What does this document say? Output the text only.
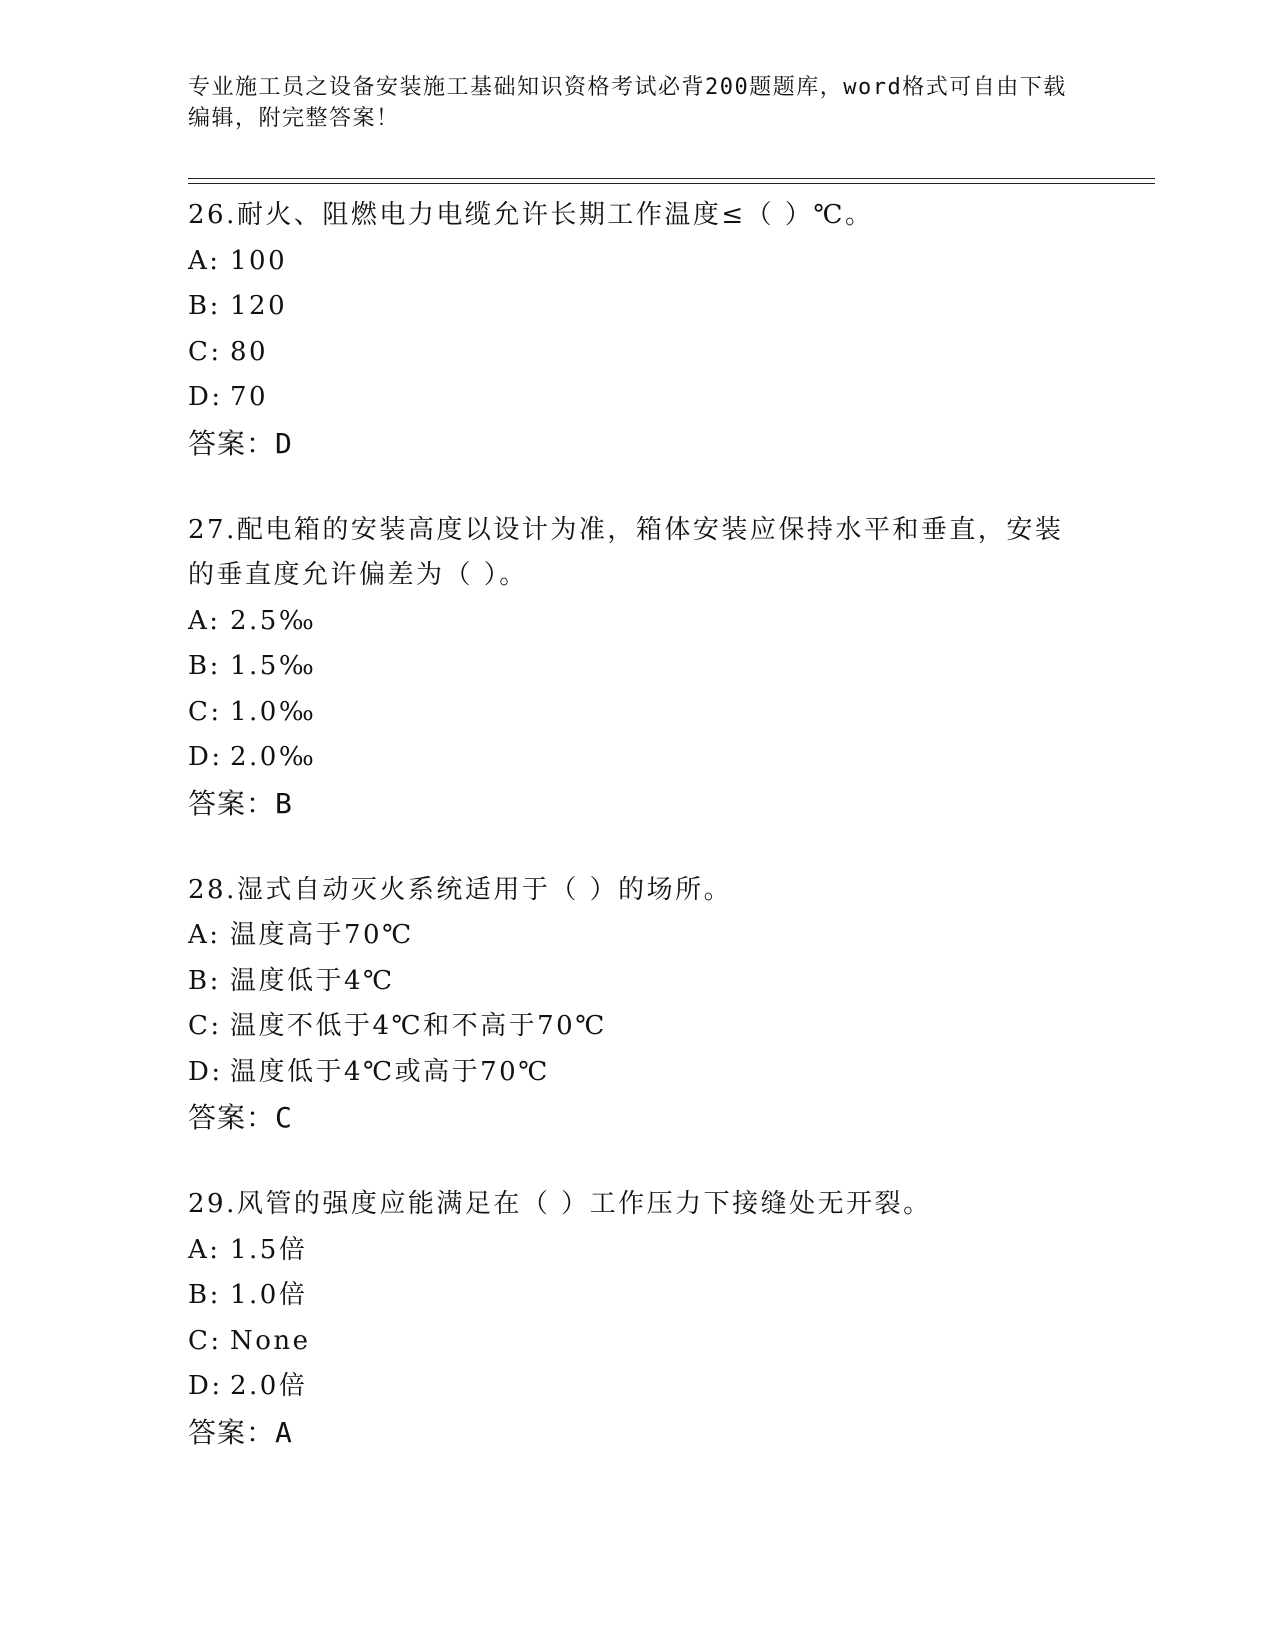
专业施工员之设备安装施工基础知识资格考试必背200题题库，word格式可自由下载编辑，附完整答案！

26.耐火、阻燃电力电缆允许长期工作温度≤（ ）℃。

A: 100

B: 120

C: 80

D: 70

答案：D

27.配电箱的安装高度以设计为准，箱体安装应保持水平和垂直，安装的垂直度允许偏差为（ ）。

A: 2.5‰

B: 1.5‰

C: 1.0‰

D: 2.0‰

答案：B

28.湿式自动灭火系统适用于（ ）的场所。

A: 温度高于70℃

B: 温度低于4℃

C: 温度不低于4℃和不高于70℃

D: 温度低于4℃或高于70℃

答案：C

29.风管的强度应能满足在（ ）工作压力下接缝处无开裂。

A: 1.5倍

B: 1.0倍

C: None

D: 2.0倍

答案：A
